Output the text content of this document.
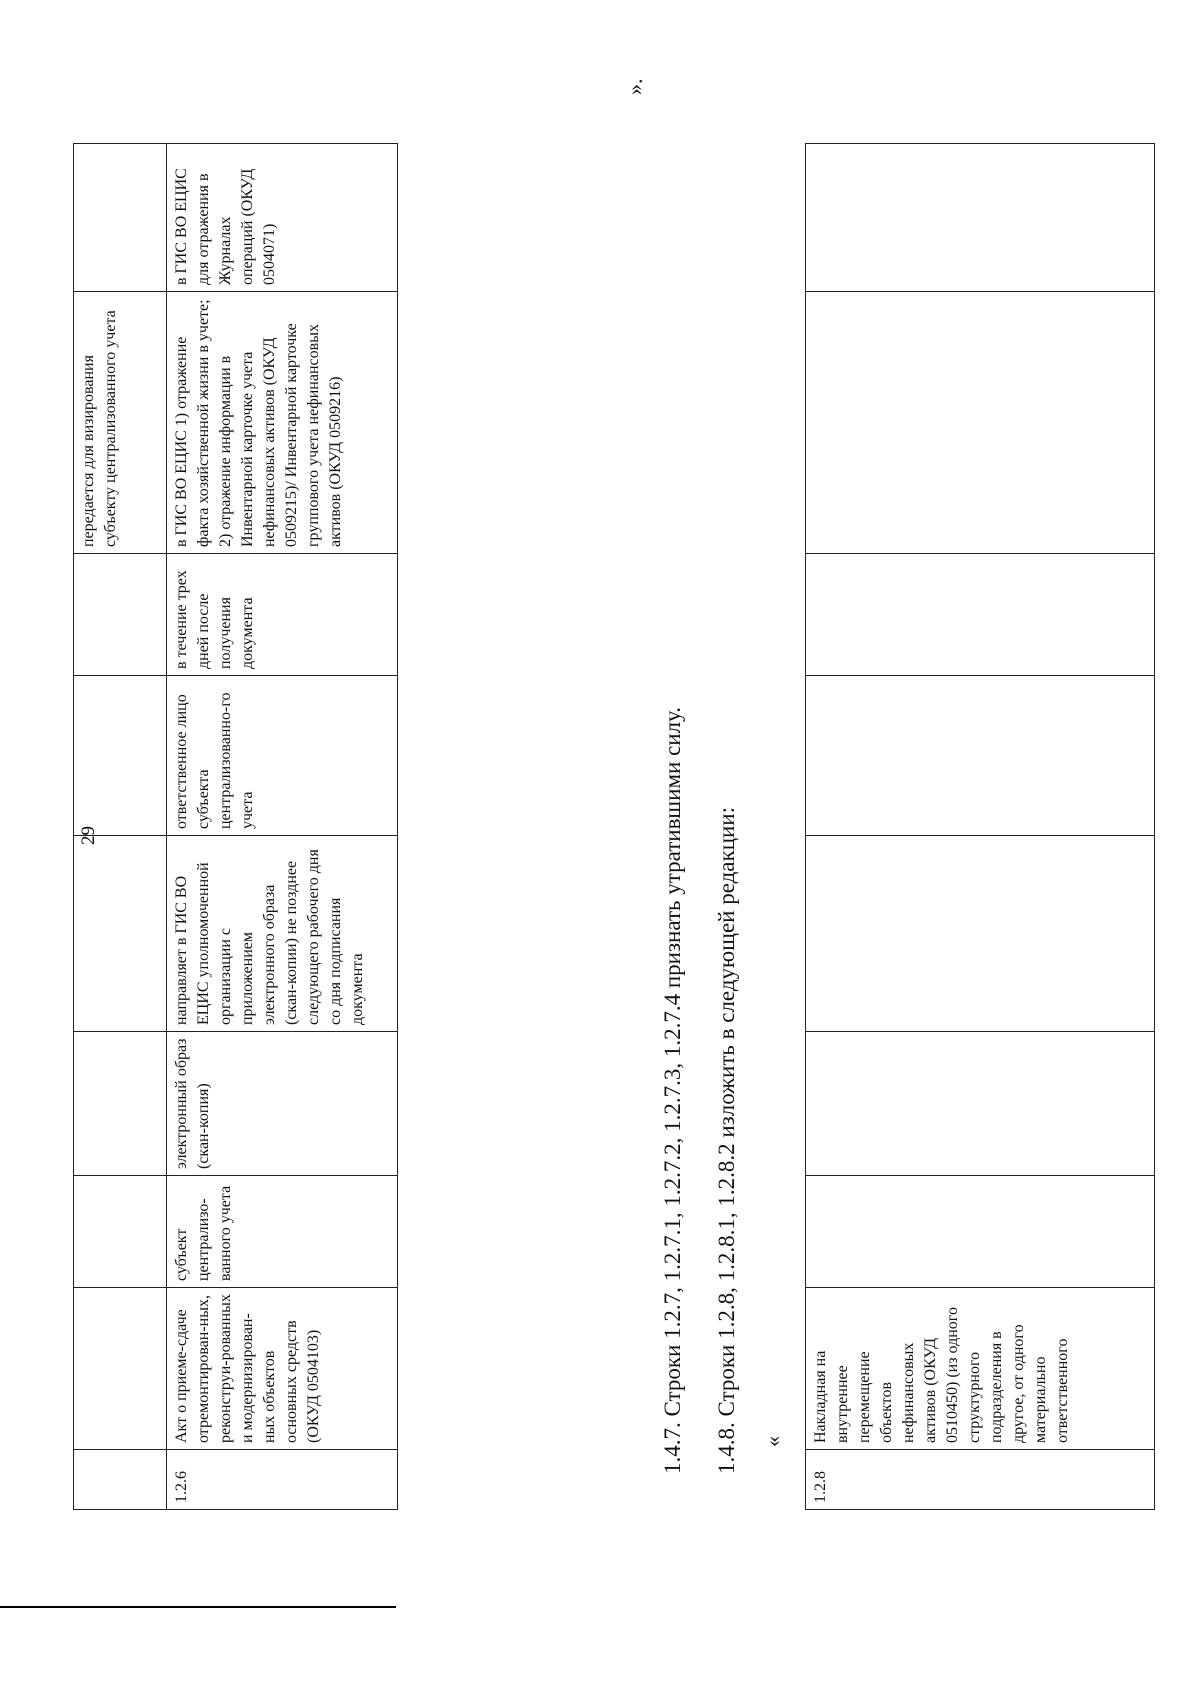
29
							передается для визирования субъекту централизованного учета	
1.2.6	Акт о приеме-сдаче отремонтирован-ных, реконструи-рованных и модернизирован-ных объектов основных средств (ОКУД 0504103)	субъект централизо-ванного учета	электронный образ (скан-копия)	направляет в ГИС ВО ЕЦИС уполномоченной организации с приложением электронного образа (скан-копии) не позднее следующего рабочего дня со дня подписания документа	ответственное лицо субъекта централизованно-го учета	в течение трех дней после получения документа	в ГИС ВО ЕЦИС 1) отражение факта хозяйственной жизни в учете; 2) отражение информации в Инвентарной карточке учета нефинансовых активов (ОКУД 0509215)/ Инвентарной карточке группового учета нефинансовых активов (ОКУД 0509216)	в ГИС ВО ЕЦИС для отражения в Журналах операций (ОКУД 0504071)
».
1.4.7. Строки 1.2.7, 1.2.7.1, 1.2.7.2, 1.2.7.3, 1.2.7.4 признать утратившими силу. 1.4.8. Строки 1.2.8, 1.2.8.1, 1.2.8.2 изложить в следующей редакции: «
1.2.8	Накладная на внутреннее перемещение объектов нефинансовых активов (ОКУД 0510450) (из одного структурного подразделения в другое, от одного материально ответственного							
